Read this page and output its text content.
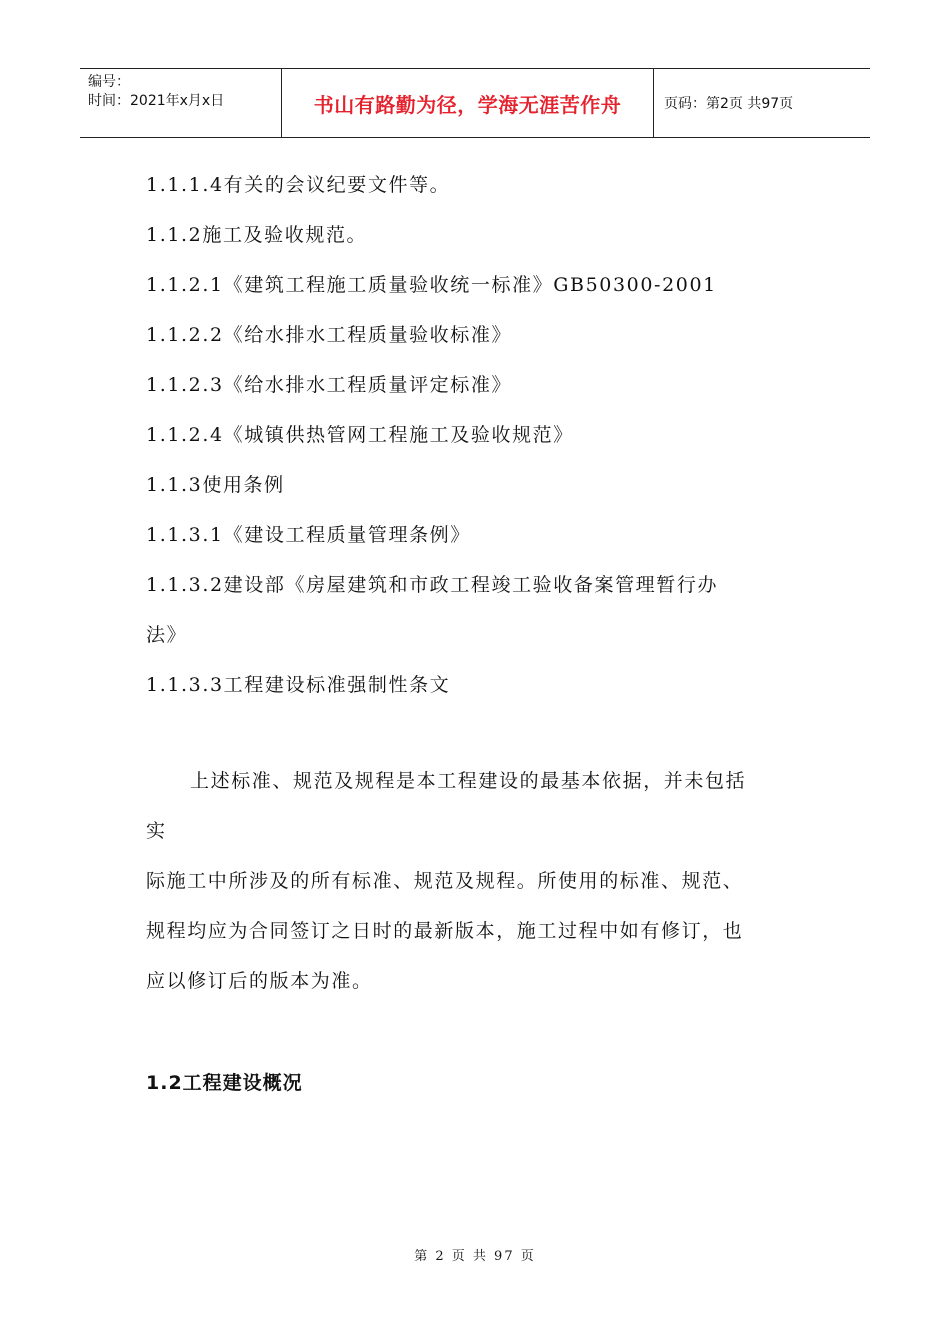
编号：
时间：2021年x月x日	书山有路勤为径，学海无涯苦作舟	页码：第2页 共97页

1.1.1.4有关的会议纪要文件等。

1.1.2施工及验收规范。

1.1.2.1《建筑工程施工质量验收统一标准》GB50300-2001

1.1.2.2《给水排水工程质量验收标准》

1.1.2.3《给水排水工程质量评定标准》

1.1.2.4《城镇供热管网工程施工及验收规范》

1.1.3使用条例

1.1.3.1《建设工程质量管理条例》

1.1.3.2建设部《房屋建筑和市政工程竣工验收备案管理暂行办

法》

1.1.3.3工程建设标准强制性条文

上述标准、规范及规程是本工程建设的最基本依据，并未包括

实

际施工中所涉及的所有标准、规范及规程。所使用的标准、规范、

规程均应为合同签订之日时的最新版本，施工过程中如有修订，也

应以修订后的版本为准。

1.2工程建设概况

第 2 页 共 97 页
